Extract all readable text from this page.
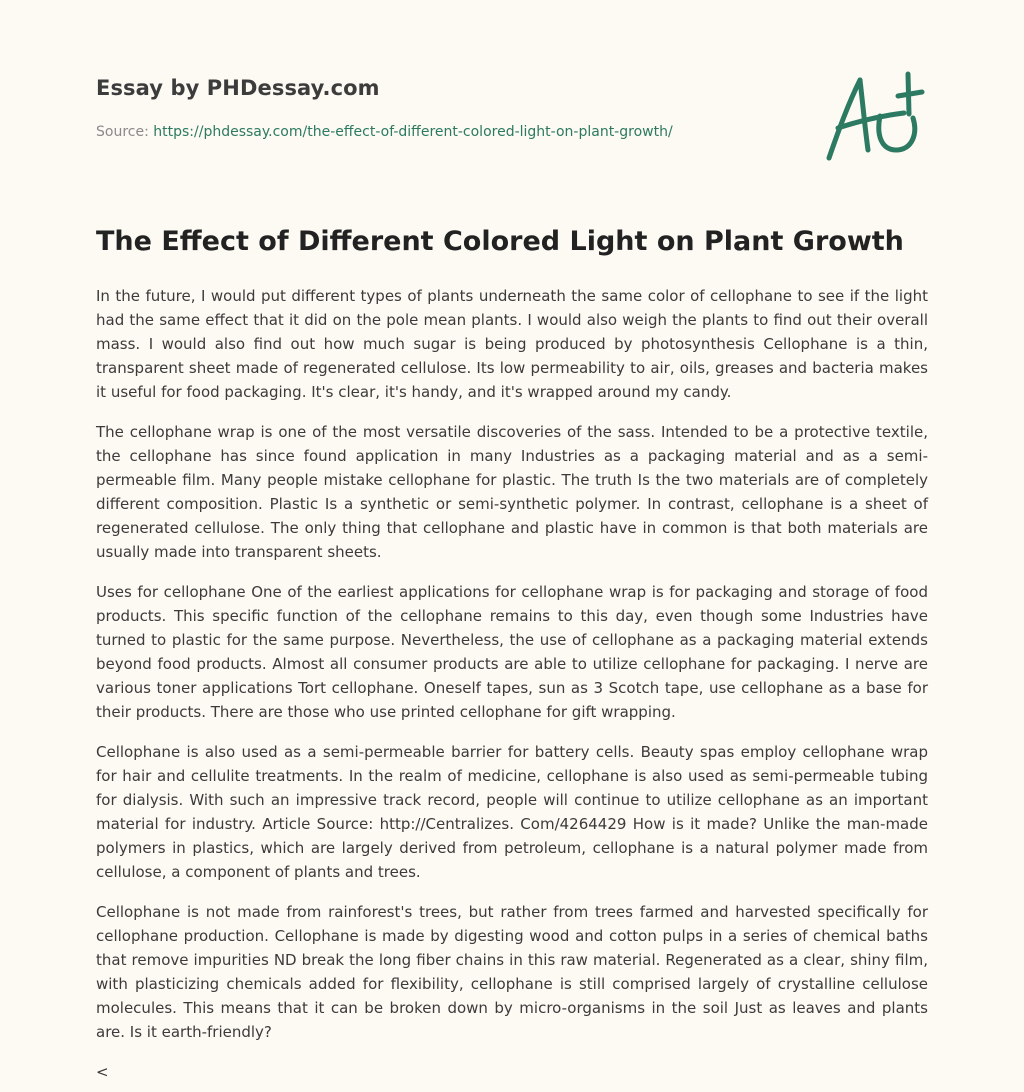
Essay by PHDessay.com
Source: https://phdessay.com/the-effect-of-different-colored-light-on-plant-growth/
The Effect of Different Colored Light on Plant Growth

In the future, I would put different types of plants underneath the same color of cellophane to see if the light had the same effect that it did on the pole mean plants. I would also weigh the plants to find out their overall mass. I would also find out how much sugar is being produced by photosynthesis Cellophane is a thin, transparent sheet made of regenerated cellulose. Its low permeability to air, oils, greases and bacteria makes it useful for food packaging. It's clear, it's handy, and it's wrapped around my candy.

The cellophane wrap is one of the most versatile discoveries of the sass. Intended to be a protective textile, the cellophane has since found application in many Industries as a packaging material and as a semi-permeable film. Many people mistake cellophane for plastic. The truth Is the two materials are of completely different composition. Plastic Is a synthetic or semi-synthetic polymer. In contrast, cellophane is a sheet of regenerated cellulose. The only thing that cellophane and plastic have in common is that both materials are usually made into transparent sheets.

Uses for cellophane One of the earliest applications for cellophane wrap is for packaging and storage of food products. This specific function of the cellophane remains to this day, even though some Industries have turned to plastic for the same purpose. Nevertheless, the use of cellophane as a packaging material extends beyond food products. Almost all consumer products are able to utilize cellophane for packaging. I nerve are various toner applications Tort cellophane. Oneself tapes, sun as 3 Scotch tape, use cellophane as a base for their products. There are those who use printed cellophane for gift wrapping.

Cellophane is also used as a semi-permeable barrier for battery cells. Beauty spas employ cellophane wrap for hair and cellulite treatments. In the realm of medicine, cellophane is also used as semi-permeable tubing for dialysis. With such an impressive track record, people will continue to utilize cellophane as an important material for industry. Article Source: http://Centralizes. Com/4264429 How is it made? Unlike the man-made polymers in plastics, which are largely derived from petroleum, cellophane is a natural polymer made from cellulose, a component of plants and trees.

Cellophane is not made from rainforest's trees, but rather from trees farmed and harvested specifically for cellophane production. Cellophane is made by digesting wood and cotton pulps in a series of chemical baths that remove impurities ND break the long fiber chains in this raw material. Regenerated as a clear, shiny film, with plasticizing chemicals added for flexibility, cellophane is still comprised largely of crystalline cellulose molecules. This means that it can be broken down by micro-organisms in the soil Just as leaves and plants are. Is it earth-friendly?

<
